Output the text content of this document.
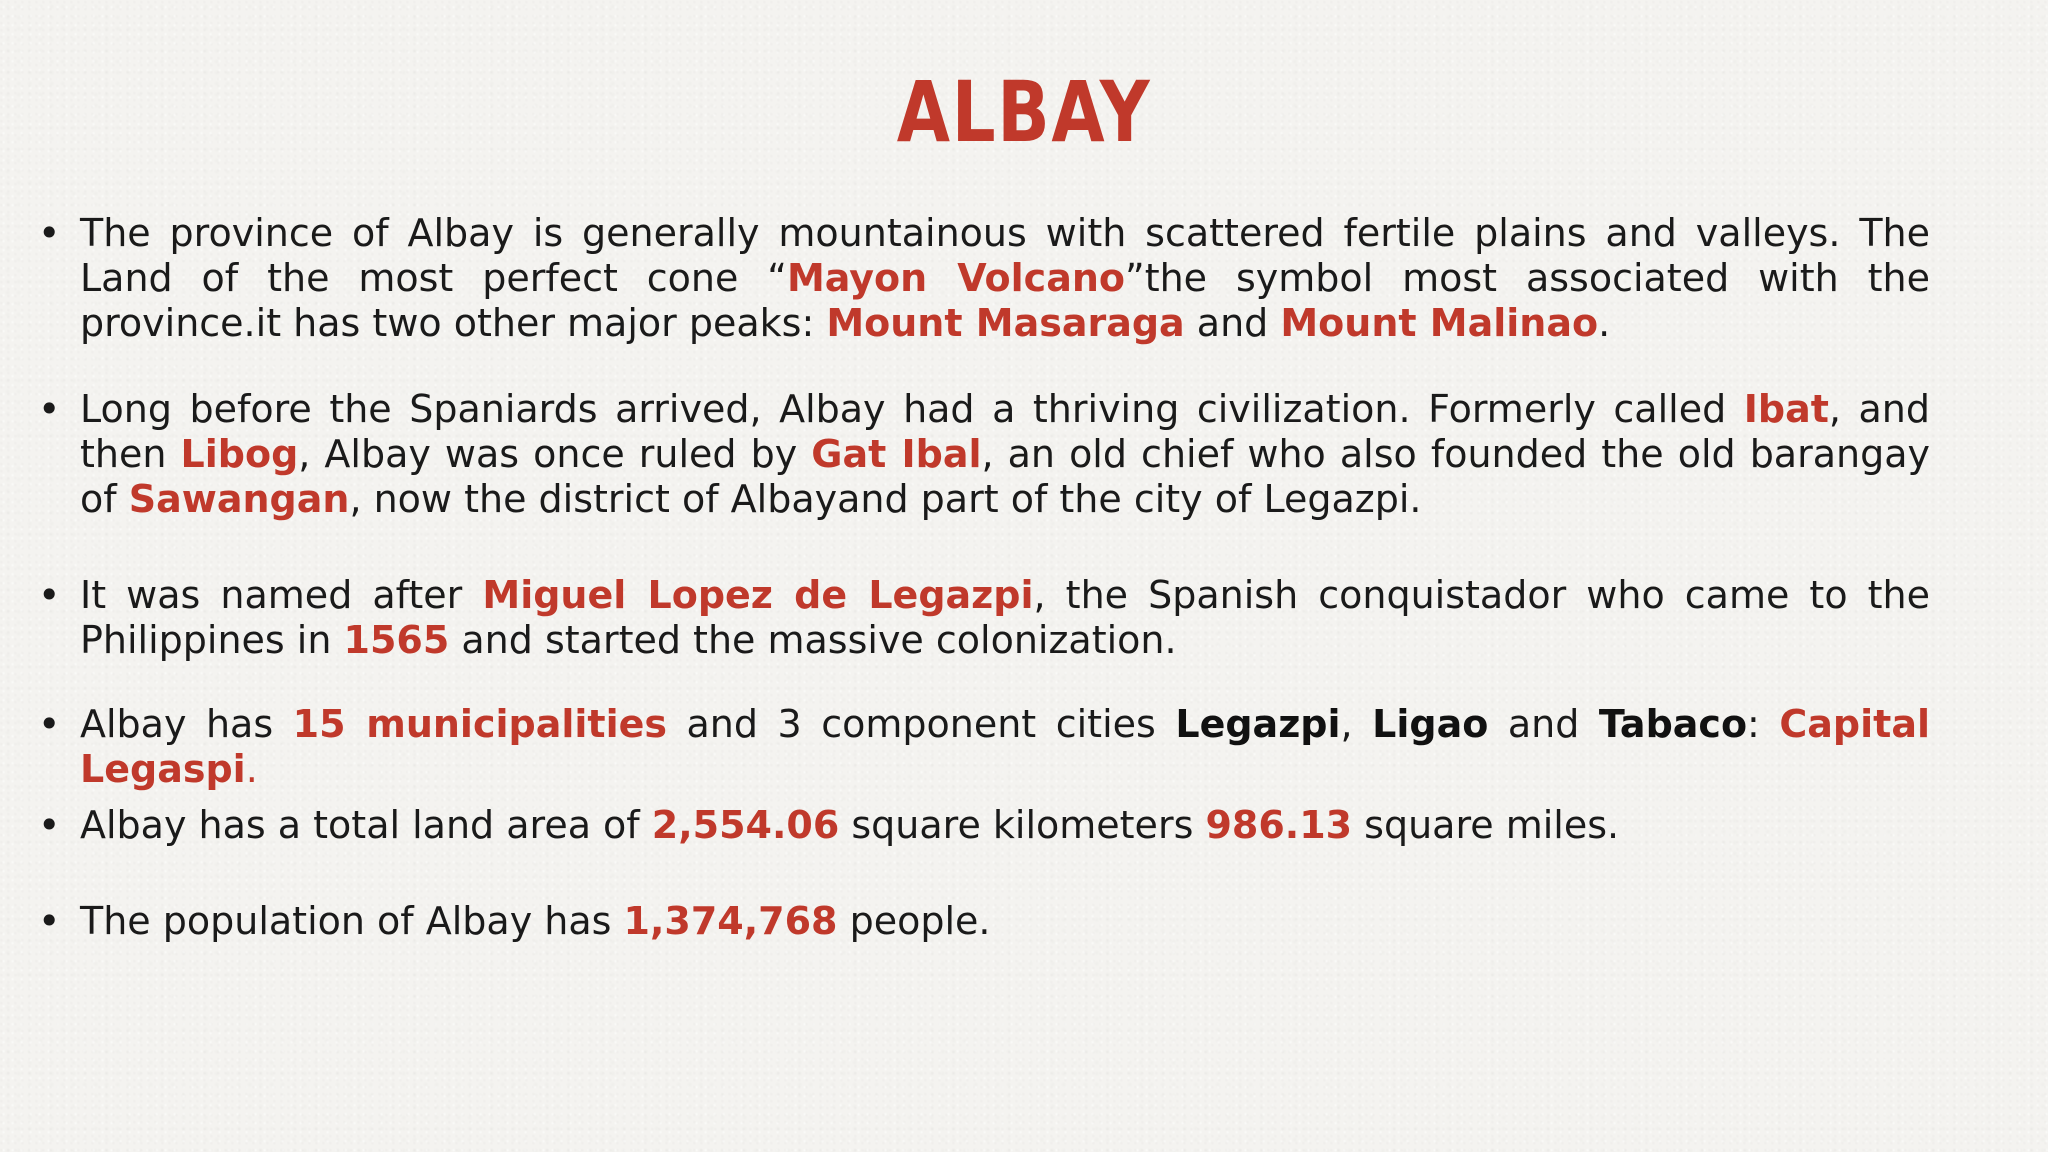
ALBAY
• The province of Albay is generally mountainous with scattered fertile plains and valleys. The Land of the most perfect cone “Mayon Volcano”the symbol most associated with the province.it has two other major peaks: Mount Masaraga and Mount Malinao.
• Long before the Spaniards arrived, Albay had a thriving civilization. Formerly called Ibat, and then Libog, Albay was once ruled by Gat Ibal, an old chief who also founded the old barangay of Sawangan, now the district of Albayand part of the city of Legazpi.
• It was named after Miguel Lopez de Legazpi, the Spanish conquistador who came to the Philippines in 1565 and started the massive colonization.
• Albay has 15 municipalities and 3 component cities Legazpi, Ligao and Tabaco: Capital Legaspi.
• Albay has a total land area of 2,554.06 square kilometers 986.13 square miles.
• The population of Albay has 1,374,768 people.
